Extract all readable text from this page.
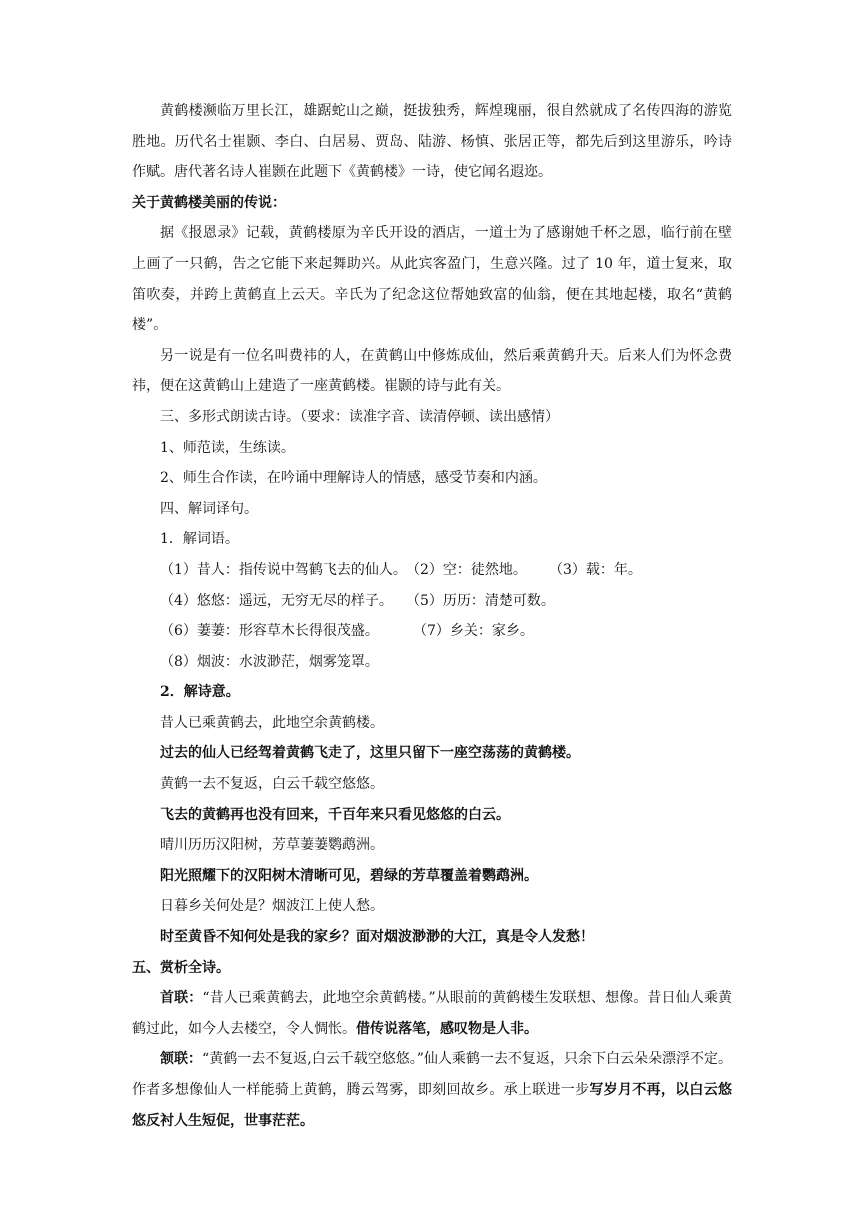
黄鹤楼濒临万里长江，雄踞蛇山之巅，挺拔独秀，辉煌瑰丽，很自然就成了名传四海的游览胜地。历代名士崔颢、李白、白居易、贾岛、陆游、杨慎、张居正等，都先后到这里游乐，吟诗作赋。唐代著名诗人崔颢在此题下《黄鹤楼》一诗，使它闻名遐迩。

关于黄鹤楼美丽的传说：

据《报恩录》记载，黄鹤楼原为辛氏开设的酒店，一道士为了感谢她千杯之恩，临行前在壁上画了一只鹤，告之它能下来起舞助兴。从此宾客盈门，生意兴隆。过了 10 年，道士复来，取笛吹奏，并跨上黄鹤直上云天。辛氏为了纪念这位帮她致富的仙翁，便在其地起楼，取名“黄鹤楼”。

另一说是有一位名叫费祎的人，在黄鹤山中修炼成仙，然后乘黄鹤升天。后来人们为怀念费祎，便在这黄鹤山上建造了一座黄鹤楼。崔颢的诗与此有关。

三、多形式朗读古诗。（要求：读准字音、读清停顿、读出感情）

1、师范读，生练读。

2、师生合作读，在吟诵中理解诗人的情感，感受节奏和内涵。

四、解词译句。

1．解词语。

（1）昔人：指传说中驾鹤飞去的仙人。 （2）空：徒然地。	（3）载：年。
（4）悠悠：遥远，无穷无尽的样子。 （5）历历：清楚可数。
（6）萋萋：形容草木长得很茂盛。	（7）乡关：家乡。
（8）烟波：水波渺茫，烟雾笼罩。

2．解诗意。

昔人已乘黄鹤去，此地空余黄鹤楼。

过去的仙人已经驾着黄鹤飞走了，这里只留下一座空荡荡的黄鹤楼。

黄鹤一去不复返，白云千载空悠悠。

飞去的黄鹤再也没有回来，千百年来只看见悠悠的白云。

晴川历历汉阳树，芳草萋萋鹦鹉洲。

阳光照耀下的汉阳树木清晰可见，碧绿的芳草覆盖着鹦鹉洲。

日暮乡关何处是？烟波江上使人愁。

时至黄昏不知何处是我的家乡？面对烟波渺渺的大江，真是令人发愁！

五、赏析全诗。

首联：“昔人已乘黄鹤去，此地空余黄鹤楼。”从眼前的黄鹤楼生发联想、想像。昔日仙人乘黄鹤过此，如今人去楼空，令人惆怅。借传说落笔，感叹物是人非。

颔联：“黄鹤一去不复返,白云千载空悠悠。”仙人乘鹤一去不复返，只余下白云朵朵漂浮不定。作者多想像仙人一样能骑上黄鹤，腾云驾雾，即刻回故乡。承上联进一步写岁月不再，以白云悠悠反衬人生短促，世事茫茫。
